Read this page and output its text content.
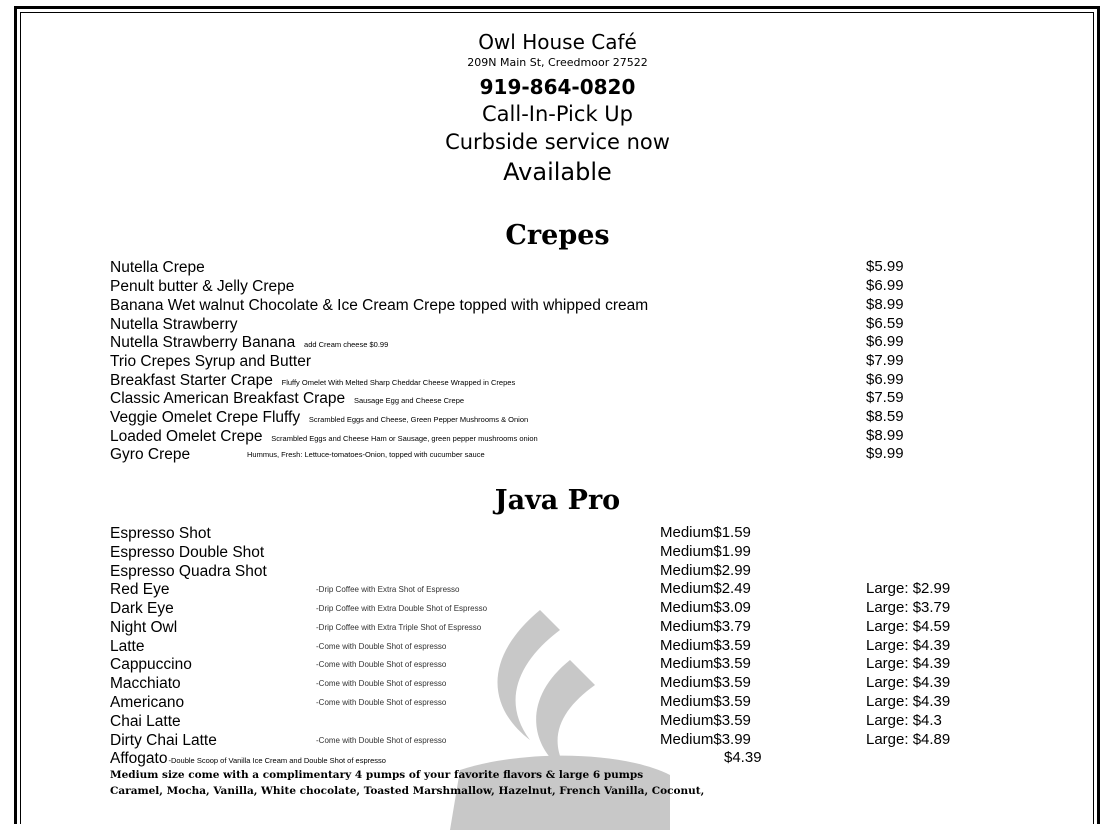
Owl House Café
209N Main St, Creedmoor 27522
919-864-0820
Call-In-Pick Up
Curbside service now
Available
Crepes
Nutella Crepe	$5.99
Penult butter & Jelly Crepe	$6.99
Banana Wet walnut Chocolate & Ice Cream Crepe topped with whipped cream	$8.99
Nutella Strawberry	$6.59
Nutella Strawberry Banana add Cream cheese $0.99	$6.99
Trio Crepes Syrup and Butter	$7.99
Breakfast Starter Crape Fluffy Omelet With Melted Sharp Cheddar Cheese Wrapped in Crepes	$6.99
Classic American Breakfast Crape Sausage Egg and Cheese Crepe	$7.59
Veggie Omelet Crepe Fluffy Scrambled Eggs and Cheese, Green Pepper Mushrooms & Onion	$8.59
Loaded Omelet Crepe Scrambled Eggs and Cheese Ham or Sausage, green pepper mushrooms onion	$8.99
Gyro Crepe	Hummus, Fresh: Lettuce-tomatoes-Onion, topped with cucumber sauce	$9.99
Java Pro
Espresso Shot	Medium$1.59
Espresso Double Shot	Medium$1.99
Espresso Quadra Shot	Medium$2.99
Red Eye	-Drip Coffee with Extra Shot of Espresso	Medium$2.49	Large: $2.99
Dark Eye	-Drip Coffee with Extra Double Shot of Espresso	Medium$3.09	Large: $3.79
Night Owl	-Drip Coffee with Extra Triple Shot of Espresso	Medium$3.79	Large: $4.59
Latte	-Come with Double Shot of espresso	Medium$3.59	Large: $4.39
Cappuccino	-Come with Double Shot of espresso	Medium$3.59	Large: $4.39
Macchiato	-Come with Double Shot of espresso	Medium$3.59	Large: $4.39
Americano	-Come with Double Shot of espresso	Medium$3.59	Large: $4.39
Chai Latte	Medium$3.59	Large: $4.3
Dirty Chai Latte	-Come with Double Shot of espresso	Medium$3.99	Large: $4.89
Affogato-Double Scoop of Vanilla Ice Cream and Double Shot of espresso	$4.39
Medium size come with a complimentary 4 pumps of your favorite flavors & large 6 pumps
Caramel, Mocha, Vanilla, White chocolate, Toasted Marshmallow, Hazelnut, French Vanilla, Coconut,
